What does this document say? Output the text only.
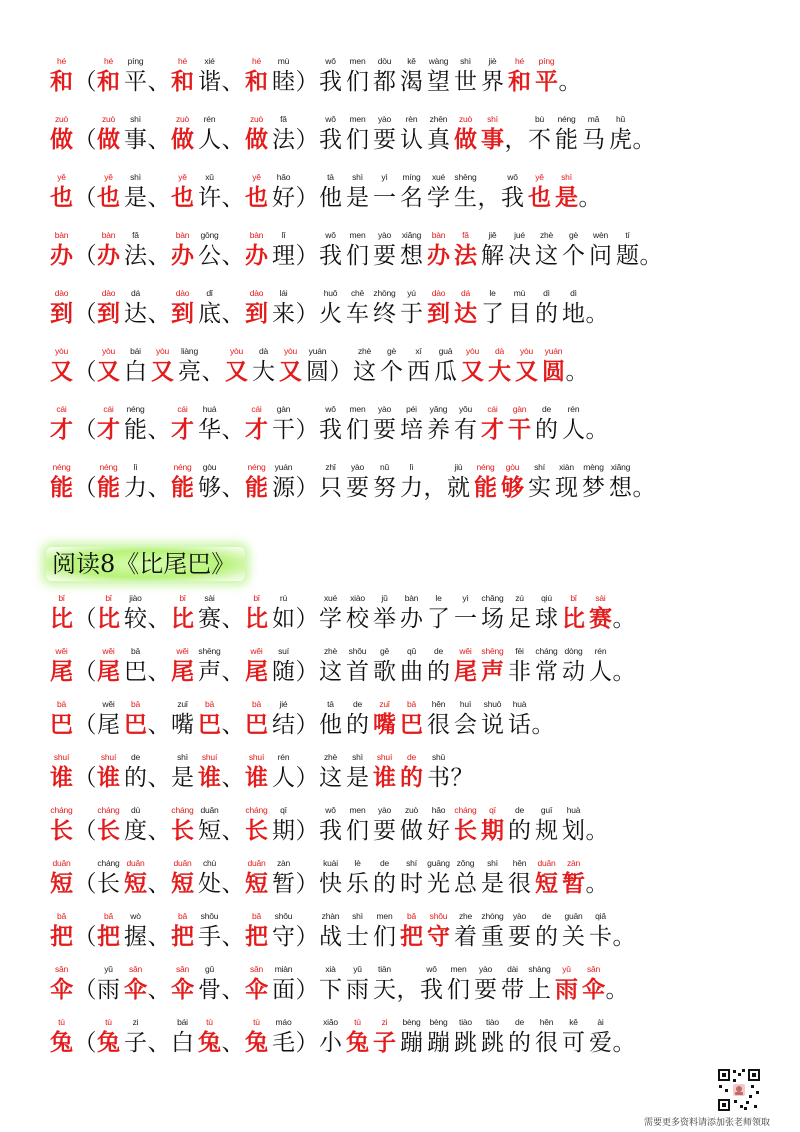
hé
和 （
hé
和
píng
平 、
hé
和
xié
谐 、
hé
和
mù
睦 ）
wǒ
我
men
们
dōu
都
kě
渴
wàng
望
shì
世
jiè
界
hé
和
píng
平 。
zuò
做 （
zuò
做
shì
事 、
zuò
做
rén
人 、
zuò
做
fǎ
法 ）
wǒ
我
men
们
yào
要
rèn
认
zhēn
真
zuò
做
shì
事 ，
bù
不
néng
能
mǎ
马
hǔ
虎 。
yě
也 （
yě
也
shì
是 、
yě
也
xǔ
许 、
yě
也
hǎo
好 ）
tā
他
shì
是
yì
一
míng
名
xué
学
shēng
生 ，
wǒ
我
yě
也
shì
是 。
bàn
办 （
bàn
办
fǎ
法 、
bàn
办
gōng
公 、
bàn
办
lǐ
理 ）
wǒ
我
men
们
yào
要
xiǎng
想
bàn
办
fǎ
法
jiě
解
jué
决
zhè
这
gè
个
wèn
问
tí
题 。
dào
到 （
dào
到
dá
达 、
dào
到
dǐ
底 、
dào
到
lái
来 ）
huǒ
火
chē
车
zhōng
终
yú
于
dào
到
dá
达
le
了
mù
目
dì
的
dì
地 。
yòu
又 （
yòu
又
bái
白
yòu
又
liàng
亮 、
yòu
又
dà
大
yòu
又
yuán
圆 ）
zhè
这
gè
个
xī
西
guā
瓜
yòu
又
dà
大
yòu
又
yuán
圆 。
cái
才 （
cái
才
néng
能 、
cái
才
huá
华 、
cái
才
gàn
干 ）
wǒ
我
men
们
yào
要
péi
培
yǎng
养
yǒu
有
cái
才
gàn
干
de
的
rén
人 。
néng
能 （
néng
能
lì
力 、
néng
能
gòu
够 、
néng
能
yuán
源 ）
zhǐ
只
yào
要
nǔ
努
lì
力 ，
jiù
就
néng
能
gòu
够
shí
实
xiàn
现
mèng
梦
xiǎng
想 。
阅读8《比尾巴》
bǐ
比 （
bǐ
比
jiào
较 、
bǐ
比
sài
赛 、
bǐ
比
rú
如 ）
xué
学
xiào
校
jǔ
举
bàn
办
le
了
yì
一
chǎng
场
zú
足
qiú
球
bǐ
比
sài
赛 。
wěi
尾 （
wěi
尾
bā
巴 、
wěi
尾
shēng
声 、
wěi
尾
suí
随 ）
zhè
这
shǒu
首
gē
歌
qǔ
曲
de
的
wěi
尾
shēng
声
fēi
非
cháng
常
dòng
动
rén
人 。
bā
巴 （
wěi
尾
bā
巴 、
zuǐ
嘴
bā
巴 、
bā
巴
jié
结 ）
tā
他
de
的
zuǐ
嘴
bā
巴
hěn
很
huì
会
shuō
说
huà
话 。
shuí
谁 （
shuí
谁
de
的 、
shì
是
shuí
谁 、
shuí
谁
rén
人 ）
zhè
这
shì
是
shuí
谁
de
的
shū
书 ？
cháng
长 （
cháng
长
dù
度 、
cháng
长
duǎn
短 、
cháng
长
qī
期 ）
wǒ
我
men
们
yào
要
zuò
做
hǎo
好
cháng
长
qī
期
de
的
guī
规
huà
划 。
duǎn
短 （
cháng
长
duǎn
短 、
duǎn
短
chù
处 、
duǎn
短
zàn
暂 ）
kuài
快
lè
乐
de
的
shí
时
guāng
光
zǒng
总
shì
是
hěn
很
duǎn
短
zàn
暂 。
bǎ
把 （
bǎ
把
wò
握 、
bǎ
把
shǒu
手 、
bǎ
把
shǒu
守 ）
zhàn
战
shì
士
men
们
bǎ
把
shǒu
守
zhe
着
zhòng
重
yào
要
de
的
guān
关
qiǎ
卡 。
sǎn
伞 （
yǔ
雨
sǎn
伞 、
sǎn
伞
gǔ
骨 、
sǎn
伞
miàn
面 ）
xià
下
yǔ
雨
tiān
天 ，
wǒ
我
men
们
yào
要
dài
带
shàng
上
yǔ
雨
sǎn
伞 。
tù
兔 （
tù
兔
zi
子 、
bái
白
tù
兔 、
tù
兔
máo
毛 ）
xiǎo
小
tù
兔
zi
子
bèng
蹦
bèng
蹦
tiào
跳
tiào
跳
de
的
hěn
很
kě
可
ài
爱 。
需要更多资料请添加张老师领取
